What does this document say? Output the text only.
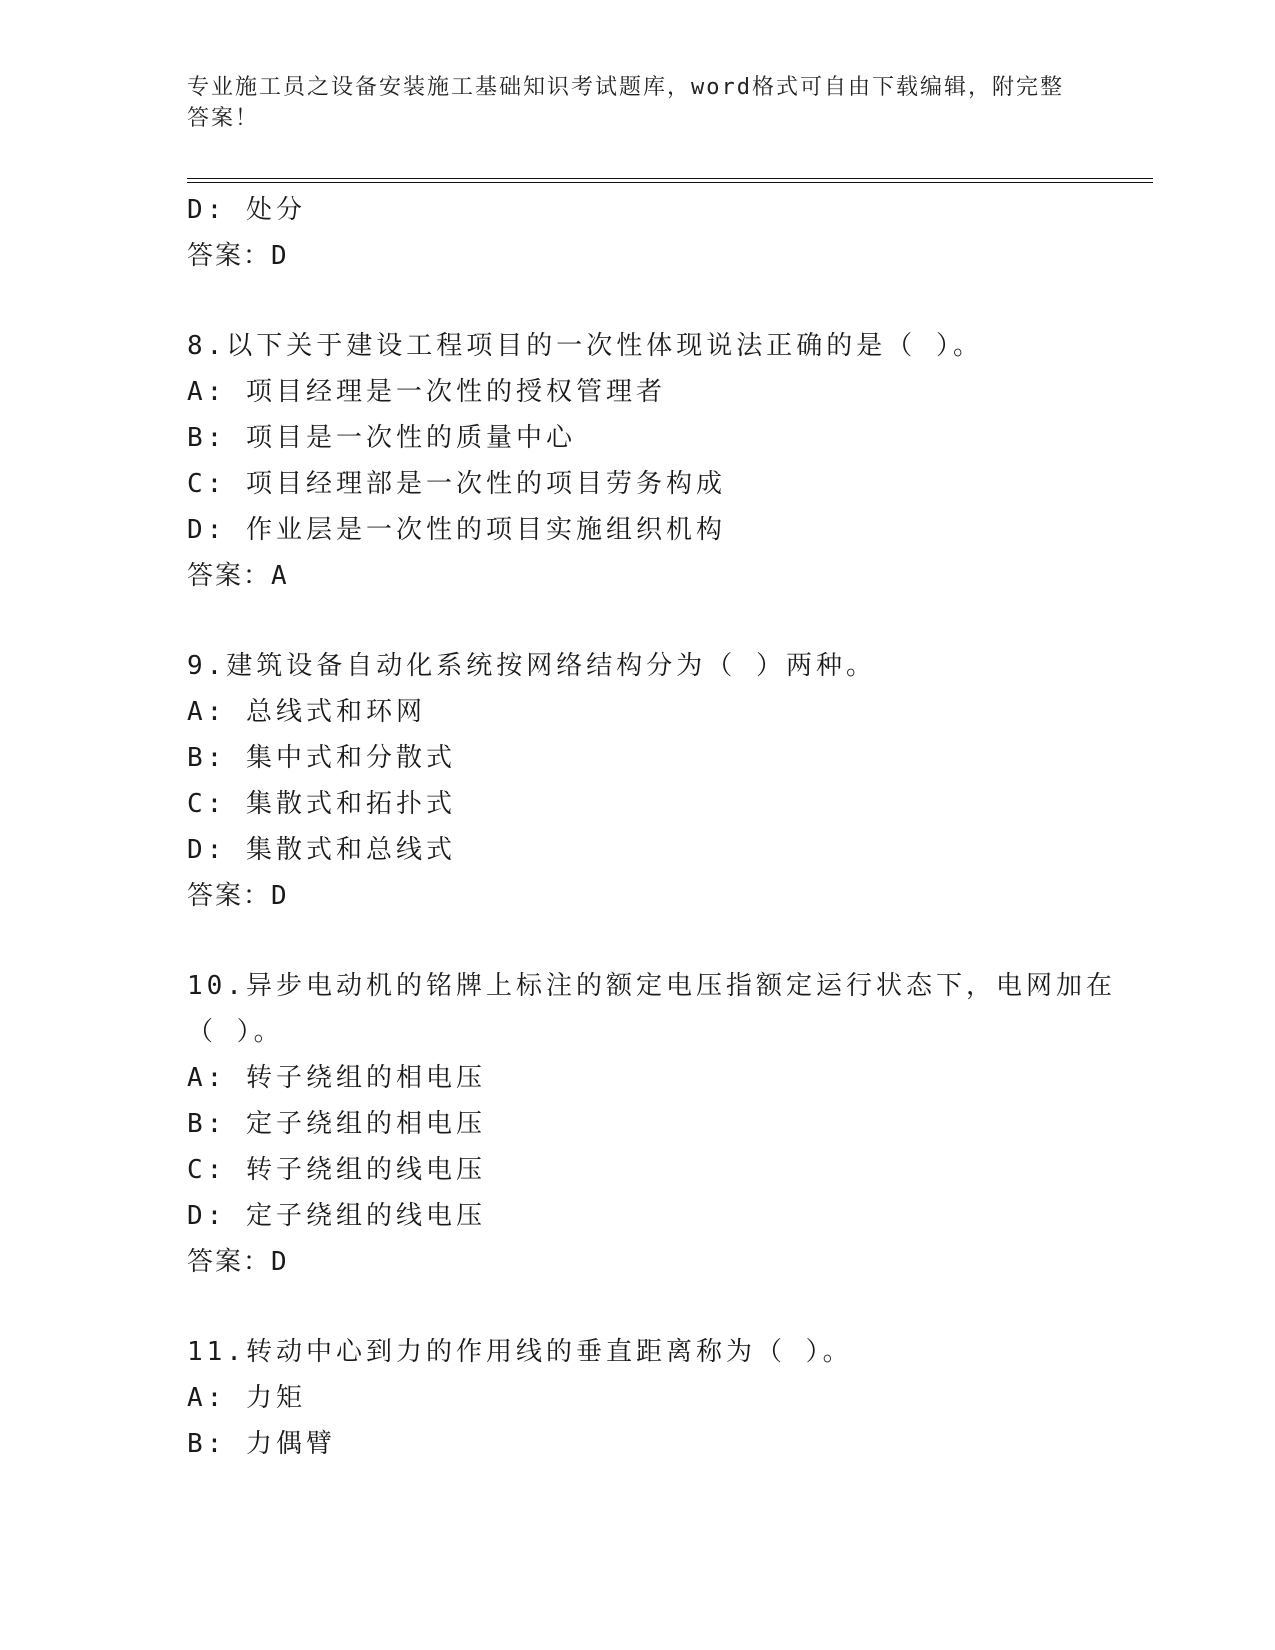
专业施工员之设备安装施工基础知识考试题库，word格式可自由下载编辑，附完整答案！
D: 处分
答案：D
8.以下关于建设工程项目的一次性体现说法正确的是（ ）。
A: 项目经理是一次性的授权管理者
B: 项目是一次性的质量中心
C: 项目经理部是一次性的项目劳务构成
D: 作业层是一次性的项目实施组织机构
答案：A
9.建筑设备自动化系统按网络结构分为（ ）两种。
A: 总线式和环网
B: 集中式和分散式
C: 集散式和拓扑式
D: 集散式和总线式
答案：D
10.异步电动机的铭牌上标注的额定电压指额定运行状态下，电网加在
（ ）。
A: 转子绕组的相电压
B: 定子绕组的相电压
C: 转子绕组的线电压
D: 定子绕组的线电压
答案：D
11.转动中心到力的作用线的垂直距离称为（ ）。
A: 力矩
B: 力偶臂
